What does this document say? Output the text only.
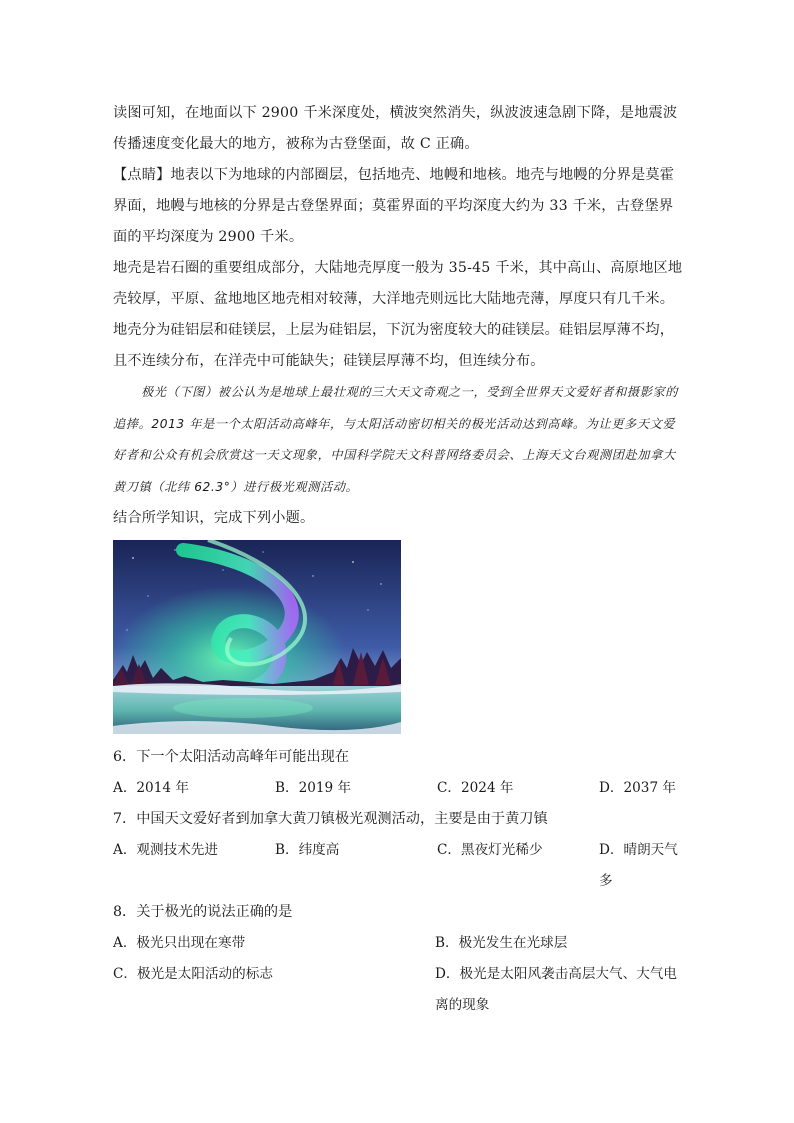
读图可知，在地面以下 2900 千米深度处，横波突然消失，纵波波速急剧下降，是地震波传播速度变化最大的地方，被称为古登堡面，故 C 正确。

【点睛】地表以下为地球的内部圈层，包括地壳、地幔和地核。地壳与地幔的分界是莫霍界面，地幔与地核的分界是古登堡界面；莫霍界面的平均深度大约为 33 千米，古登堡界面的平均深度为 2900 千米。

地壳是岩石圈的重要组成部分，大陆地壳厚度一般为 35-45 千米，其中高山、高原地区地壳较厚，平原、盆地地区地壳相对较薄，大洋地壳则远比大陆地壳薄，厚度只有几千米。

地壳分为硅铝层和硅镁层，上层为硅铝层，下沉为密度较大的硅镁层。硅铝层厚薄不均，且不连续分布，在洋壳中可能缺失；硅镁层厚薄不均，但连续分布。

极光（下图）被公认为是地球上最壮观的三大天文奇观之一，受到全世界天文爱好者和摄影家的追捧。2013 年是一个太阳活动高峰年，与太阳活动密切相关的极光活动达到高峰。为让更多天文爱好者和公众有机会欣赏这一天文现象，中国科学院天文科普网络委员会、上海天文台观测团赴加拿大黄刀镇（北纬 62.3°）进行极光观测活动。

结合所学知识，完成下列小题。

6．下一个太阳活动高峰年可能出现在

A．2014 年	B．2019 年	C．2024 年	D．2037 年

7．中国天文爱好者到加拿大黄刀镇极光观测活动，主要是由于黄刀镇

A．观测技术先进	B．纬度高	C．黑夜灯光稀少	D．晴朗天气多

8．关于极光的说法正确的是

A．极光只出现在寒带	B．极光发生在光球层
C．极光是太阳活动的标志	D．极光是太阳风袭击高层大气、大气电离的现象
